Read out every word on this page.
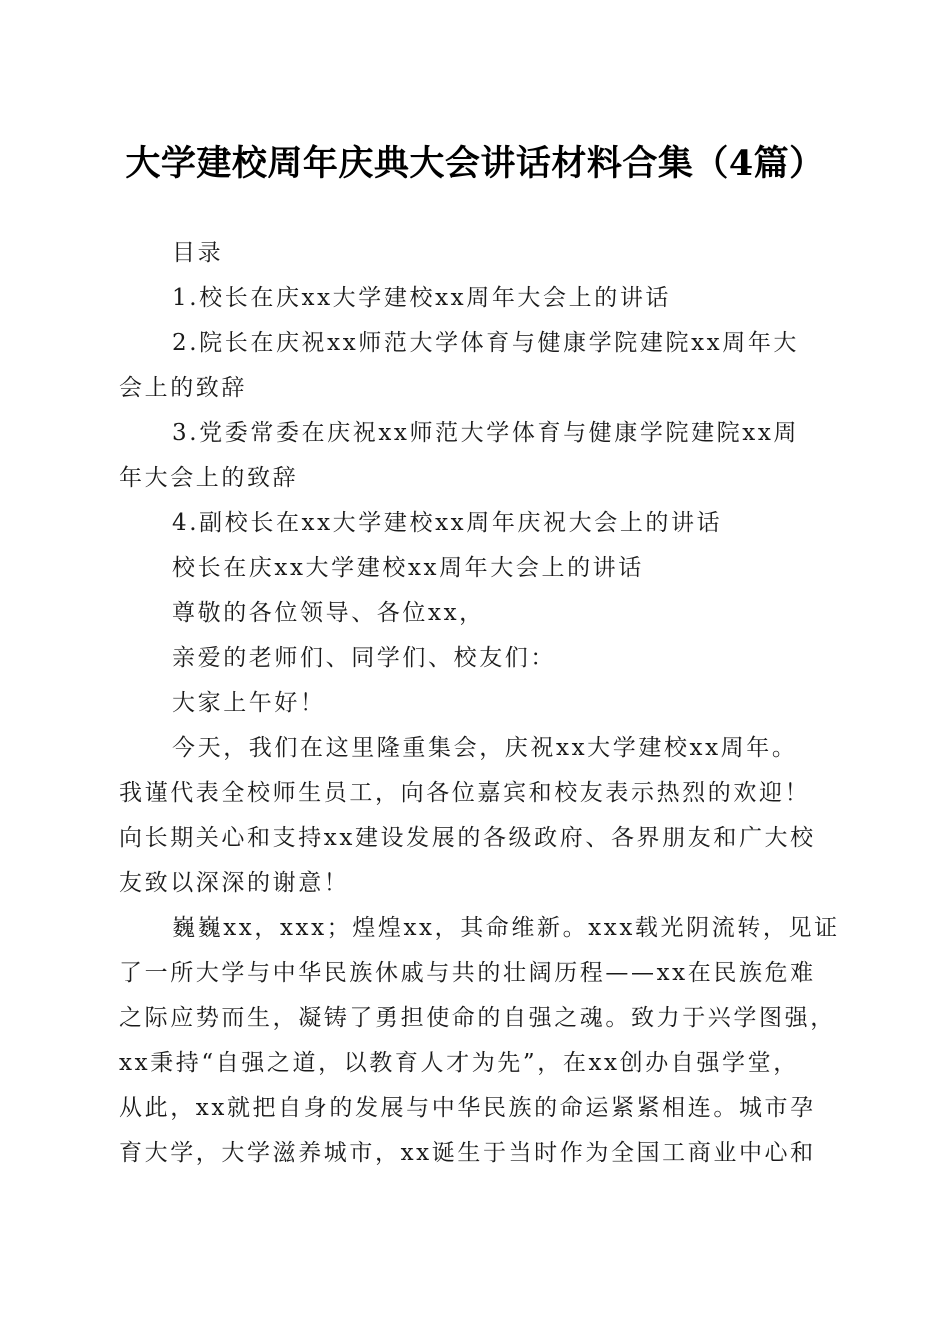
大学建校周年庆典大会讲话材料合集（4篇）

目录

1.校长在庆xx大学建校xx周年大会上的讲话

2.院长在庆祝xx师范大学体育与健康学院建院xx周年大

会上的致辞

3.党委常委在庆祝xx师范大学体育与健康学院建院xx周

年大会上的致辞

4.副校长在xx大学建校xx周年庆祝大会上的讲话

校长在庆xx大学建校xx周年大会上的讲话

尊敬的各位领导、各位xx，

亲爱的老师们、同学们、校友们：

大家上午好！

今天，我们在这里隆重集会，庆祝xx大学建校xx周年。

我谨代表全校师生员工，向各位嘉宾和校友表示热烈的欢迎！

向长期关心和支持xx建设发展的各级政府、各界朋友和广大校

友致以深深的谢意！

巍巍xx，xxx；煌煌xx，其命维新。xxx载光阴流转，见证

了一所大学与中华民族休戚与共的壮阔历程——xx在民族危难

之际应势而生，凝铸了勇担使命的自强之魂。致力于兴学图强，

xx秉持“自强之道，以教育人才为先”，在xx创办自强学堂，

从此，xx就把自身的发展与中华民族的命运紧紧相连。城市孕

育大学，大学滋养城市，xx诞生于当时作为全国工商业中心和
